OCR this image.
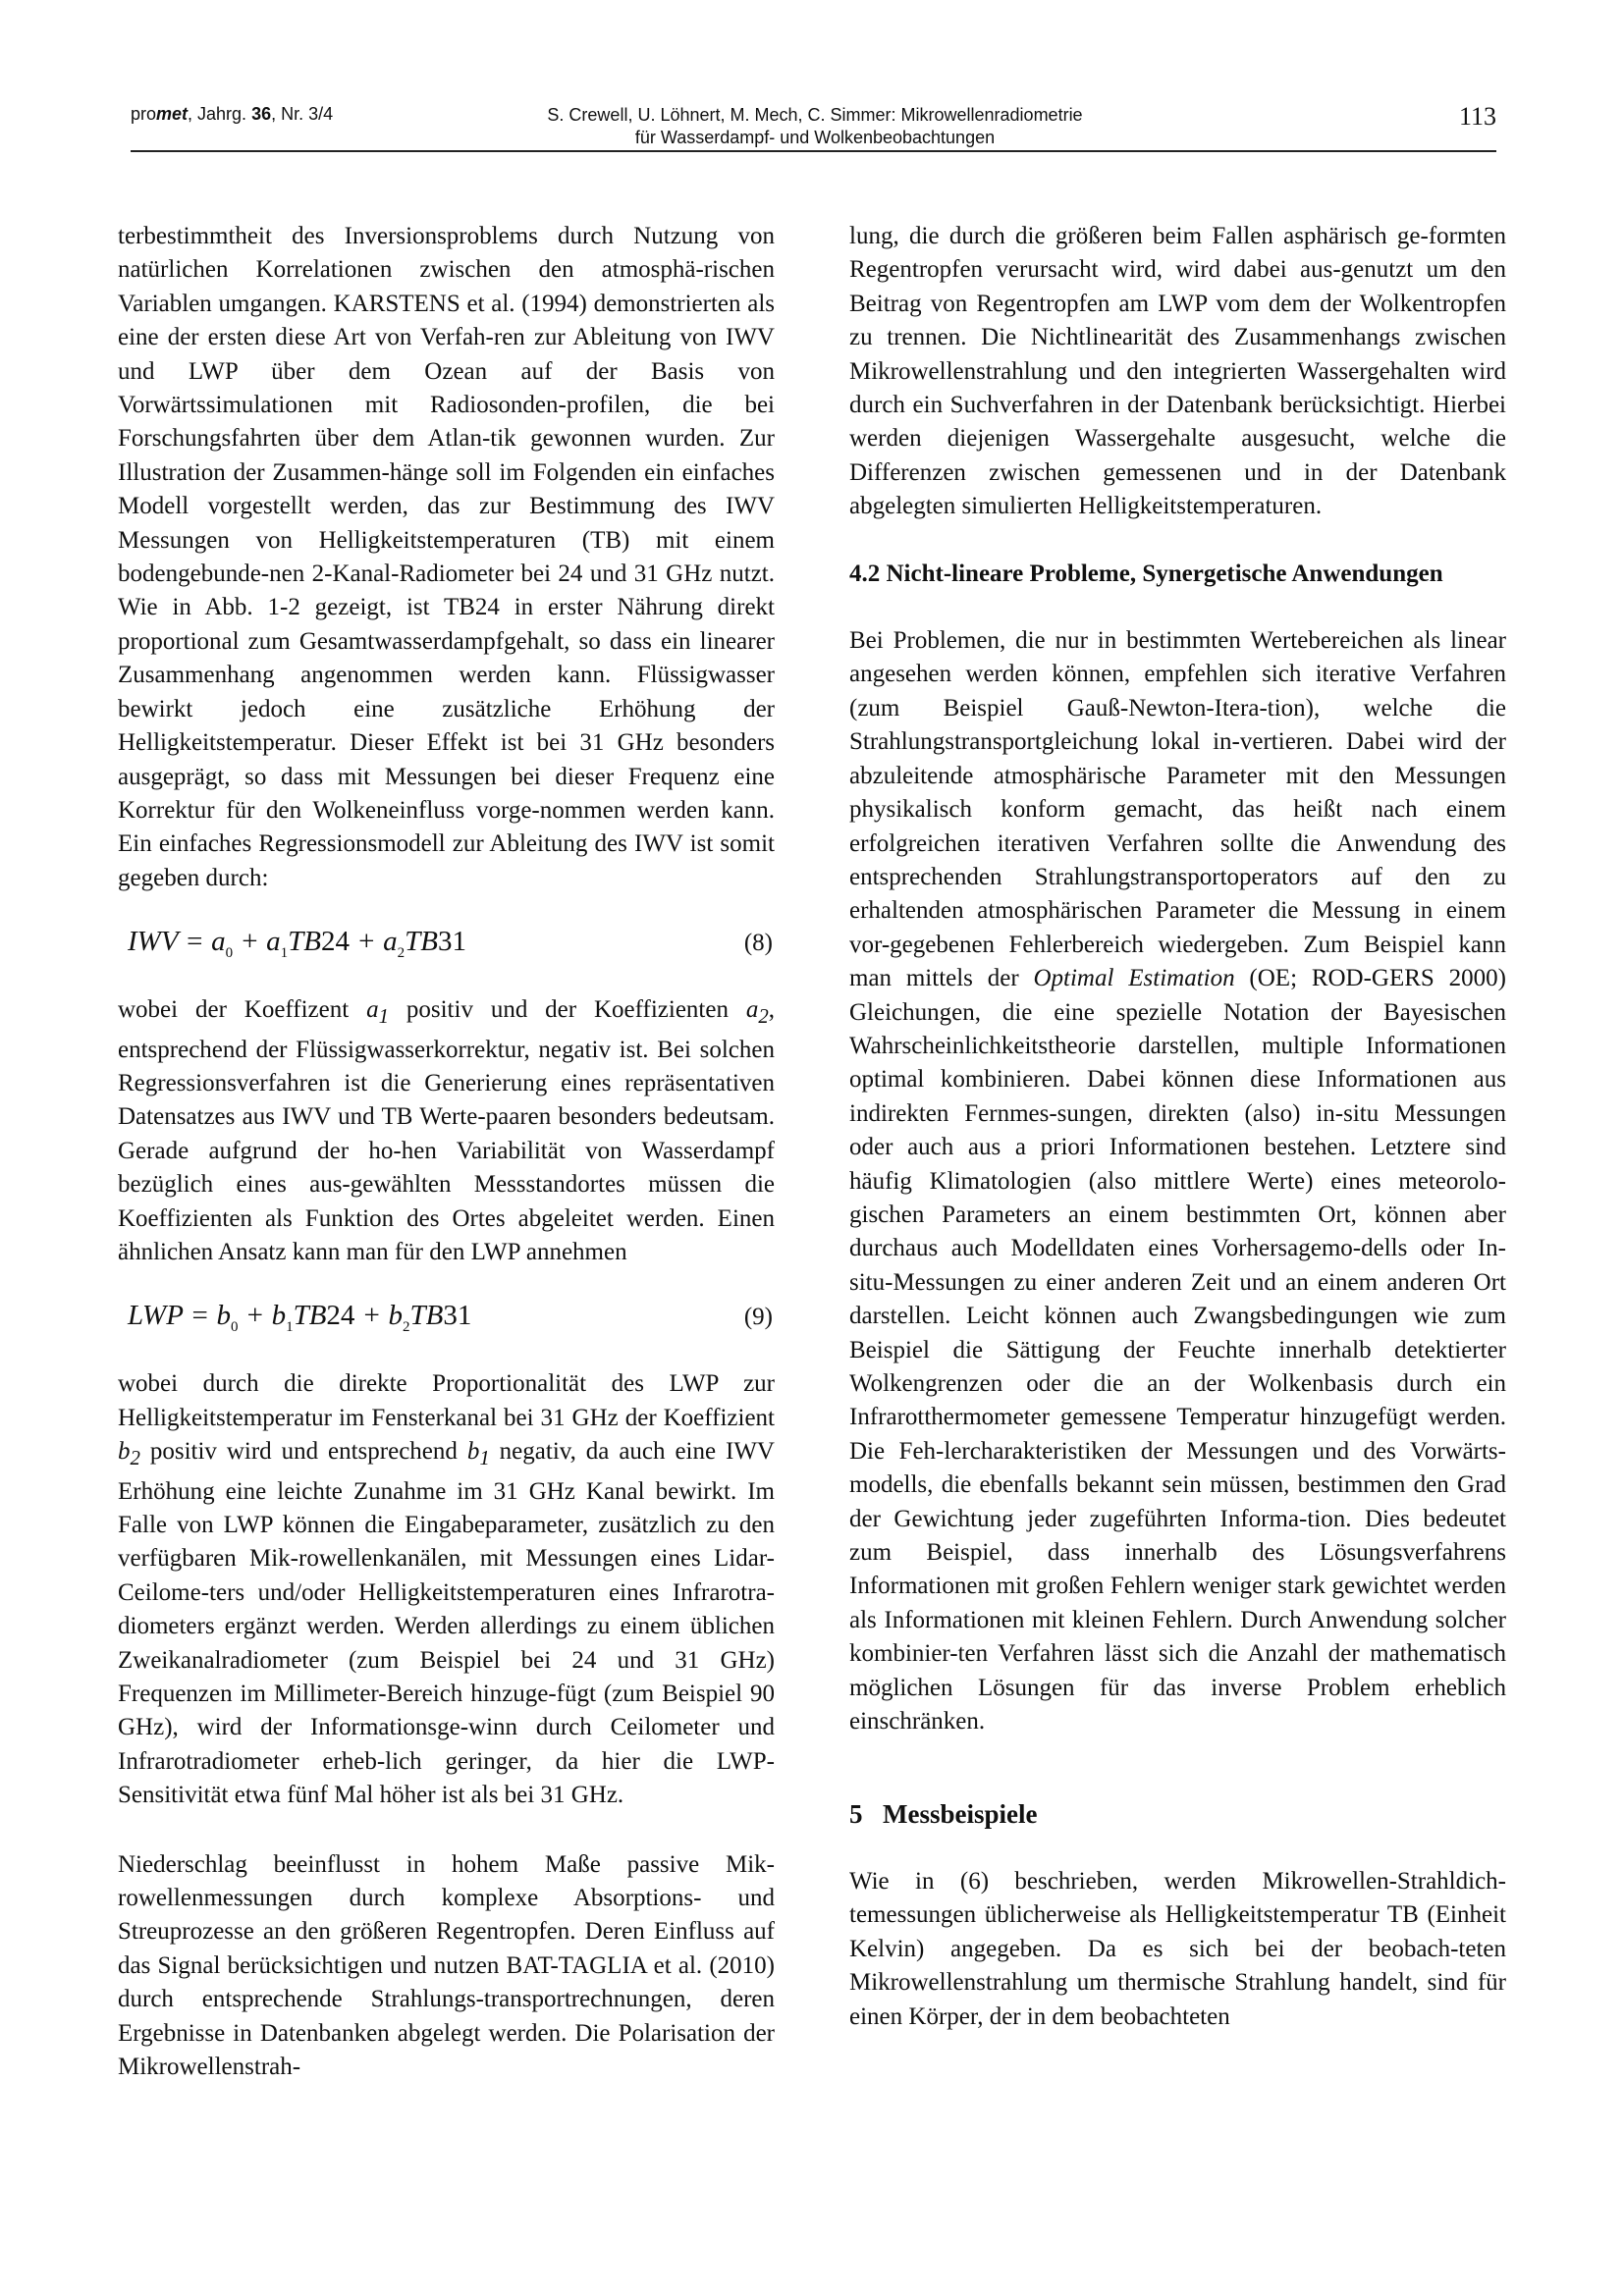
promet, Jahrg. 36, Nr. 3/4	S. Crewell, U. Löhnert, M. Mech, C. Simmer: Mikrowellenradiometrie
für Wasserdampf- und Wolkenbeobachtungen
113

terbestimmtheit des Inversionsproblems durch Nutzung von natürlichen Korrelationen zwischen den atmosphä-rischen Variablen umgangen. KARSTENS et al. (1994) demonstrierten als eine der ersten diese Art von Verfah-ren zur Ableitung von IWV und LWP über dem Ozean auf der Basis von Vorwärtssimulationen mit Radiosonden-profilen, die bei Forschungsfahrten über dem Atlan-tik gewonnen wurden. Zur Illustration der Zusammen-hänge soll im Folgenden ein einfaches Modell vorgestellt werden, das zur Bestimmung des IWV Messungen von Helligkeitstemperaturen (TB) mit einem bodengebunde-nen 2-Kanal-Radiometer bei 24 und 31 GHz nutzt. Wie in Abb. 1-2 gezeigt, ist TB24 in erster Nährung direkt proportional zum Gesamtwasserdampfgehalt, so dass ein linearer Zusammenhang angenommen werden kann. Flüssigwasser bewirkt jedoch eine zusätzliche Erhöhung der Helligkeitstemperatur. Dieser Effekt ist bei 31 GHz besonders ausgeprägt, so dass mit Messungen bei dieser Frequenz eine Korrektur für den Wolkeneinfluss vorge-nommen werden kann. Ein einfaches Regressionsmodell zur Ableitung des IWV ist somit gegeben durch:

IWV = $a_0 + a_1TB24 + a_2TB31$	(8)

wobei der Koeffizent $a_1$ positiv und der Koeffizienten $a_2$, entsprechend der Flüssigwasserkorrektur, negativ ist. Bei solchen Regressionsverfahren ist die Generierung eines repräsentativen Datensatzes aus IWV und TB Werte-paaren besonders bedeutsam. Gerade aufgrund der ho-hen Variabilität von Wasserdampf bezüglich eines aus-gewählten Messstandortes müssen die Koeffizienten als Funktion des Ortes abgeleitet werden. Einen ähnlichen Ansatz kann man für den LWP annehmen

LWP = $b_0 + b_1TB24 + b_2TB31$	(9)

wobei durch die direkte Proportionalität des LWP zur Helligkeitstemperatur im Fensterkanal bei 31 GHz der Koeffizient $b_2$ positiv wird und entsprechend $b_1$ negativ, da auch eine IWV Erhöhung eine leichte Zunahme im 31 GHz Kanal bewirkt. Im Falle von LWP können die Eingabeparameter, zusätzlich zu den verfügbaren Mik-rowellenkanälen, mit Messungen eines Lidar-Ceilome-ters und/oder Helligkeitstemperaturen eines Infrarotra-diometers ergänzt werden. Werden allerdings zu einem üblichen Zweikanalradiometer (zum Beispiel bei 24 und 31 GHz) Frequenzen im Millimeter-Bereich hinzuge-fügt (zum Beispiel 90 GHz), wird der Informationsge-winn durch Ceilometer und Infrarotradiometer erheb-lich geringer, da hier die LWP-Sensitivität etwa fünf Mal höher ist als bei 31 GHz.

Niederschlag beeinflusst in hohem Maße passive Mik-rowellenmessungen durch komplexe Absorptions- und Streuprozesse an den größeren Regentropfen. Deren Einfluss auf das Signal berücksichtigen und nutzen BAT-TAGLIA et al. (2010) durch entsprechende Strahlungs-transportrechnungen, deren Ergebnisse in Datenbanken abgelegt werden. Die Polarisation der Mikrowellenstrah-

lung, die durch die größeren beim Fallen asphärisch ge-formten Regentropfen verursacht wird, wird dabei aus-genutzt um den Beitrag von Regentropfen am LWP vom dem der Wolkentropfen zu trennen. Die Nichtlinearität des Zusammenhangs zwischen Mikrowellenstrahlung und den integrierten Wassergehalten wird durch ein Suchverfahren in der Datenbank berücksichtigt. Hierbei werden diejenigen Wassergehalte ausgesucht, welche die Differenzen zwischen gemessenen und in der Datenbank abgelegten simulierten Helligkeitstemperaturen.

4.2 Nicht-lineare Probleme, Synergetische Anwendungen

Bei Problemen, die nur in bestimmten Wertebereichen als linear angesehen werden können, empfehlen sich iterative Verfahren (zum Beispiel Gauß-Newton-Itera-tion), welche die Strahlungstransportgleichung lokal in-vertieren. Dabei wird der abzuleitende atmosphärische Parameter mit den Messungen physikalisch konform gemacht, das heißt nach einem erfolgreichen iterativen Verfahren sollte die Anwendung des entsprechenden Strahlungstransportoperators auf den zu erhaltenden atmosphärischen Parameter die Messung in einem vor-gegebenen Fehlerbereich wiedergeben. Zum Beispiel kann man mittels der Optimal Estimation (OE; ROD-GERS 2000) Gleichungen, die eine spezielle Notation der Bayesischen Wahrscheinlichkeitstheorie darstellen, multiple Informationen optimal kombinieren. Dabei können diese Informationen aus indirekten Fernmes-sungen, direkten (also) in-situ Messungen oder auch aus a priori Informationen bestehen. Letztere sind häufig Klimatologien (also mittlere Werte) eines meteorolo-gischen Parameters an einem bestimmten Ort, können aber durchaus auch Modelldaten eines Vorhersagemo-dells oder In-situ-Messungen zu einer anderen Zeit und an einem anderen Ort darstellen. Leicht können auch Zwangsbedingungen wie zum Beispiel die Sättigung der Feuchte innerhalb detektierter Wolkengrenzen oder die an der Wolkenbasis durch ein Infrarotthermometer gemessene Temperatur hinzugefügt werden. Die Feh-lercharakteristiken der Messungen und des Vorwärts-modells, die ebenfalls bekannt sein müssen, bestimmen den Grad der Gewichtung jeder zugeführten Informa-tion. Dies bedeutet zum Beispiel, dass innerhalb des Lösungsverfahrens Informationen mit großen Fehlern weniger stark gewichtet werden als Informationen mit kleinen Fehlern. Durch Anwendung solcher kombinier-ten Verfahren lässt sich die Anzahl der mathematisch möglichen Lösungen für das inverse Problem erheblich einschränken.

5 Messbeispiele

Wie in (6) beschrieben, werden Mikrowellen-Strahldich-temessungen üblicherweise als Helligkeitstemperatur TB (Einheit Kelvin) angegeben. Da es sich bei der beobach-teten Mikrowellenstrahlung um thermische Strahlung handelt, sind für einen Körper, der in dem beobachteten
